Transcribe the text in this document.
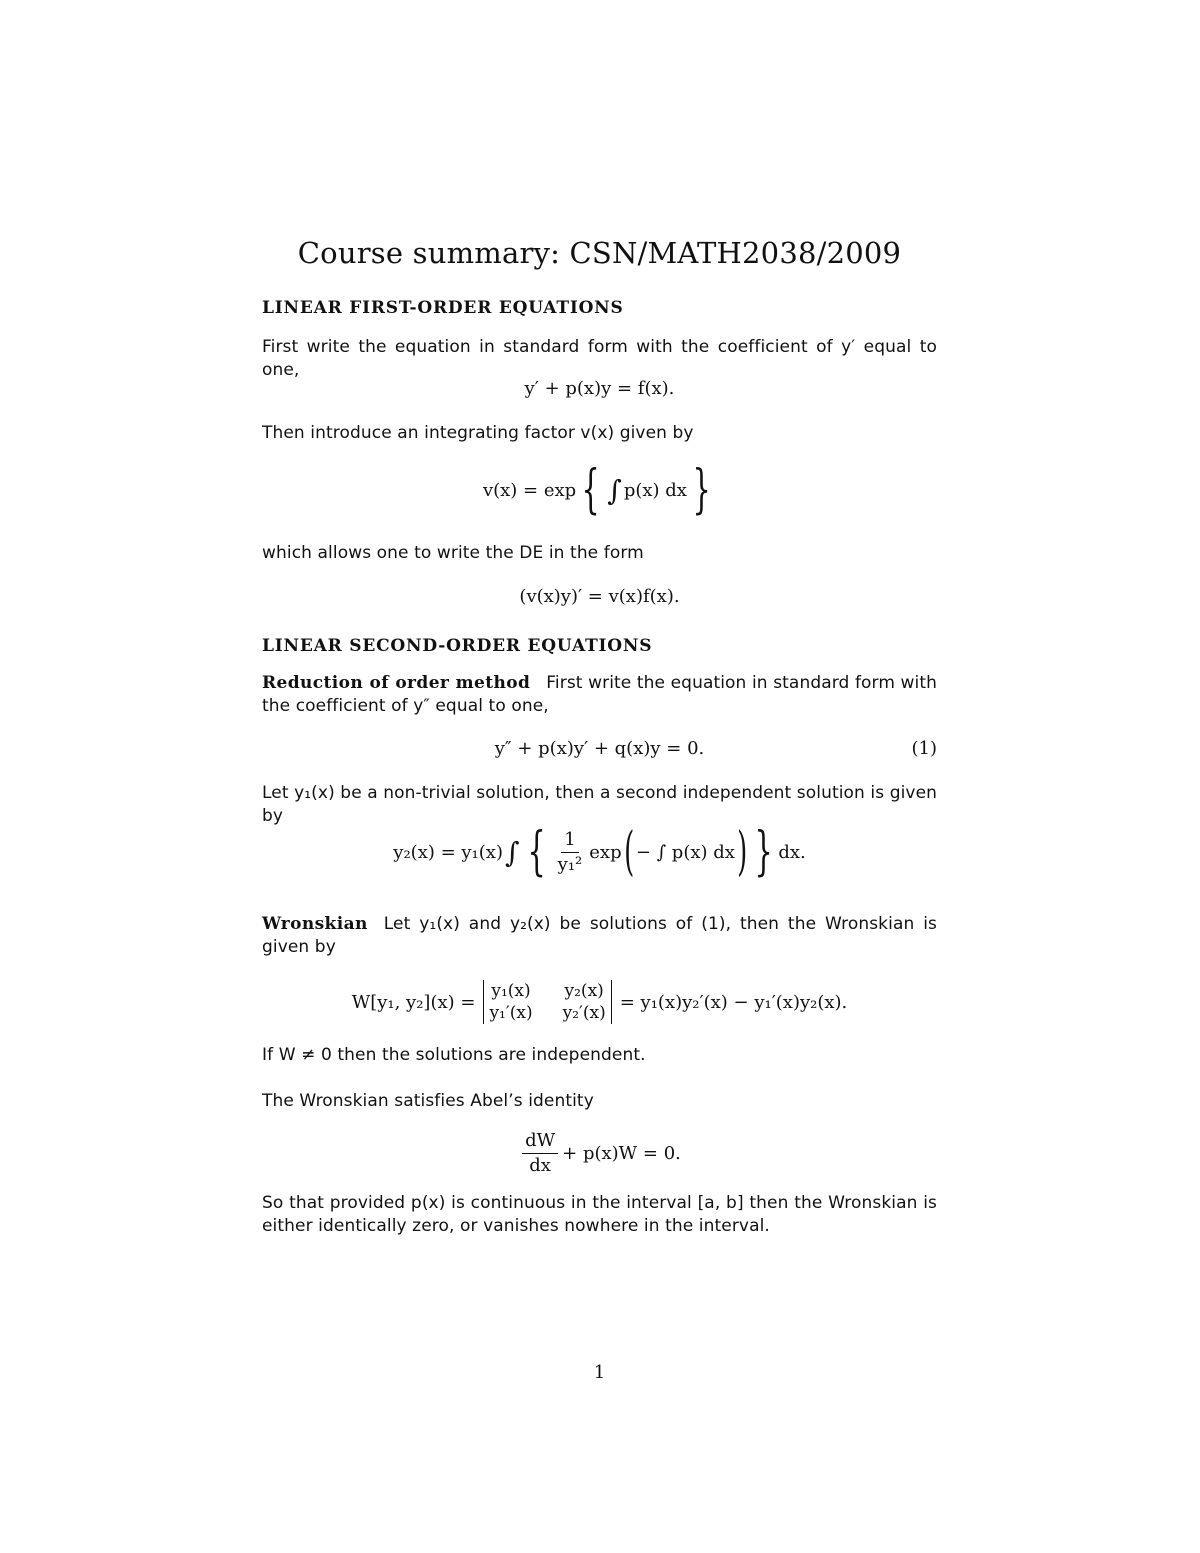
Course summary: CSN/MATH2038/2009
LINEAR FIRST-ORDER EQUATIONS
First write the equation in standard form with the coefficient of y′ equal to one,
y′ + p(x)y = f(x).
Then introduce an integrating factor v(x) given by
v(x) = exp { ∫ p(x) dx }
which allows one to write the DE in the form
(v(x)y)′ = v(x)f(x).
LINEAR SECOND-ORDER EQUATIONS
Reduction of order method First write the equation in standard form with the coefficient of y″ equal to one,
y″ + p(x)y′ + q(x)y = 0.	(1)
Let y₁(x) be a non-trivial solution, then a second independent solution is given by
y₂(x) = y₁(x) ∫ { $\frac{1}{\text{y₁²}}$ exp ( − ∫ p(x) dx ) } dx.
Wronskian Let y₁(x) and y₂(x) be solutions of (1), then the Wronskian is given by
W[y₁, y₂](x) =
y₁(x) y₂(x)
y₁′(x) y₂′(x)
= y₁(x)y₂′(x) − y₁′(x)y₂(x).
If W ≠ 0 then the solutions are independent.
The Wronskian satisfies Abel’s identity
$\frac{dW}{dx} + p(x)W = 0$.
So that provided p(x) is continuous in the interval [a, b] then the Wronskian is either identically zero, or vanishes nowhere in the interval.
1
